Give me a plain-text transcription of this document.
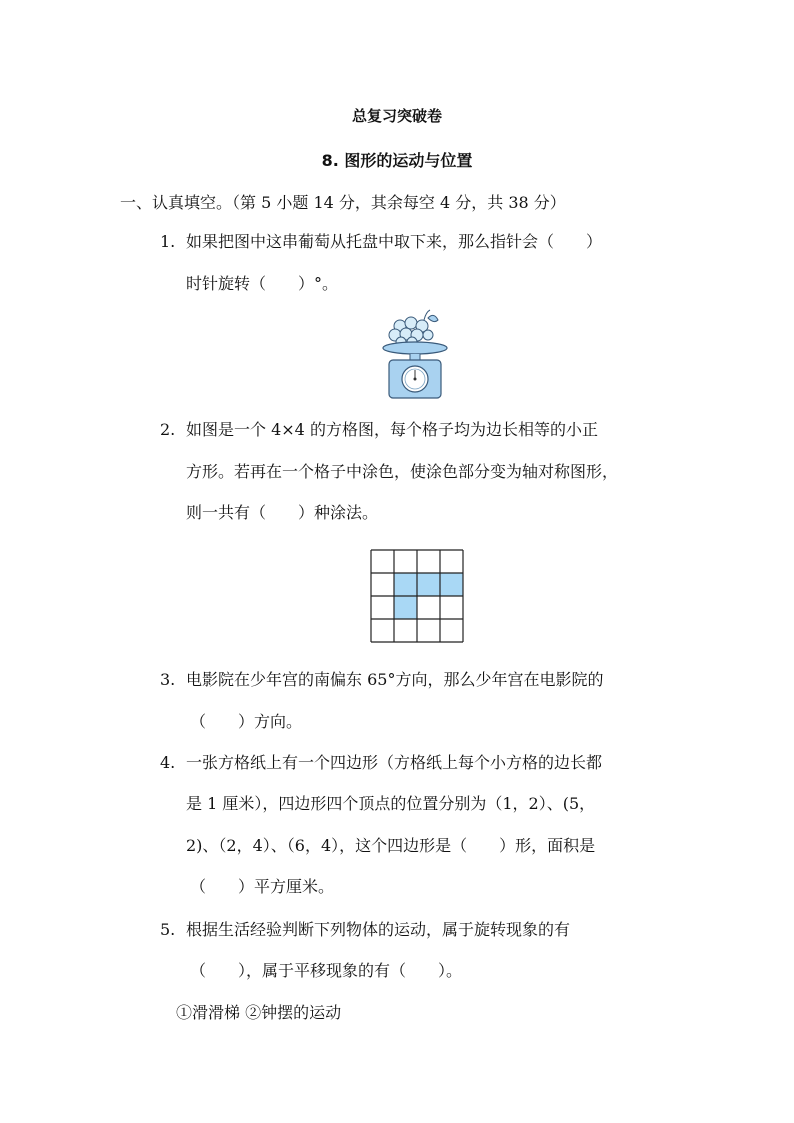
总复习突破卷
8. 图形的运动与位置
一、认真填空。（第 5 小题 14 分，其余每空 4 分，共 38 分）
1. 如果把图中这串葡萄从托盘中取下来，那么指针会（　　）
时针旋转（　　）°。
2. 如图是一个 4×4 的方格图，每个格子均为边长相等的小正
方形。若再在一个格子中涂色，使涂色部分变为轴对称图形，
则一共有（　　）种涂法。
3. 电影院在少年宫的南偏东 65°方向，那么少年宫在电影院的
（　　）方向。
4. 一张方格纸上有一个四边形（方格纸上每个小方格的边长都
是 1 厘米），四边形四个顶点的位置分别为（1，2）、(5，
2)、（2，4）、（6，4），这个四边形是（　　）形，面积是
（　　）平方厘米。
5. 根据生活经验判断下列物体的运动，属于旋转现象的有
（　　），属于平移现象的有（　　）。
①滑滑梯 ②钟摆的运动
